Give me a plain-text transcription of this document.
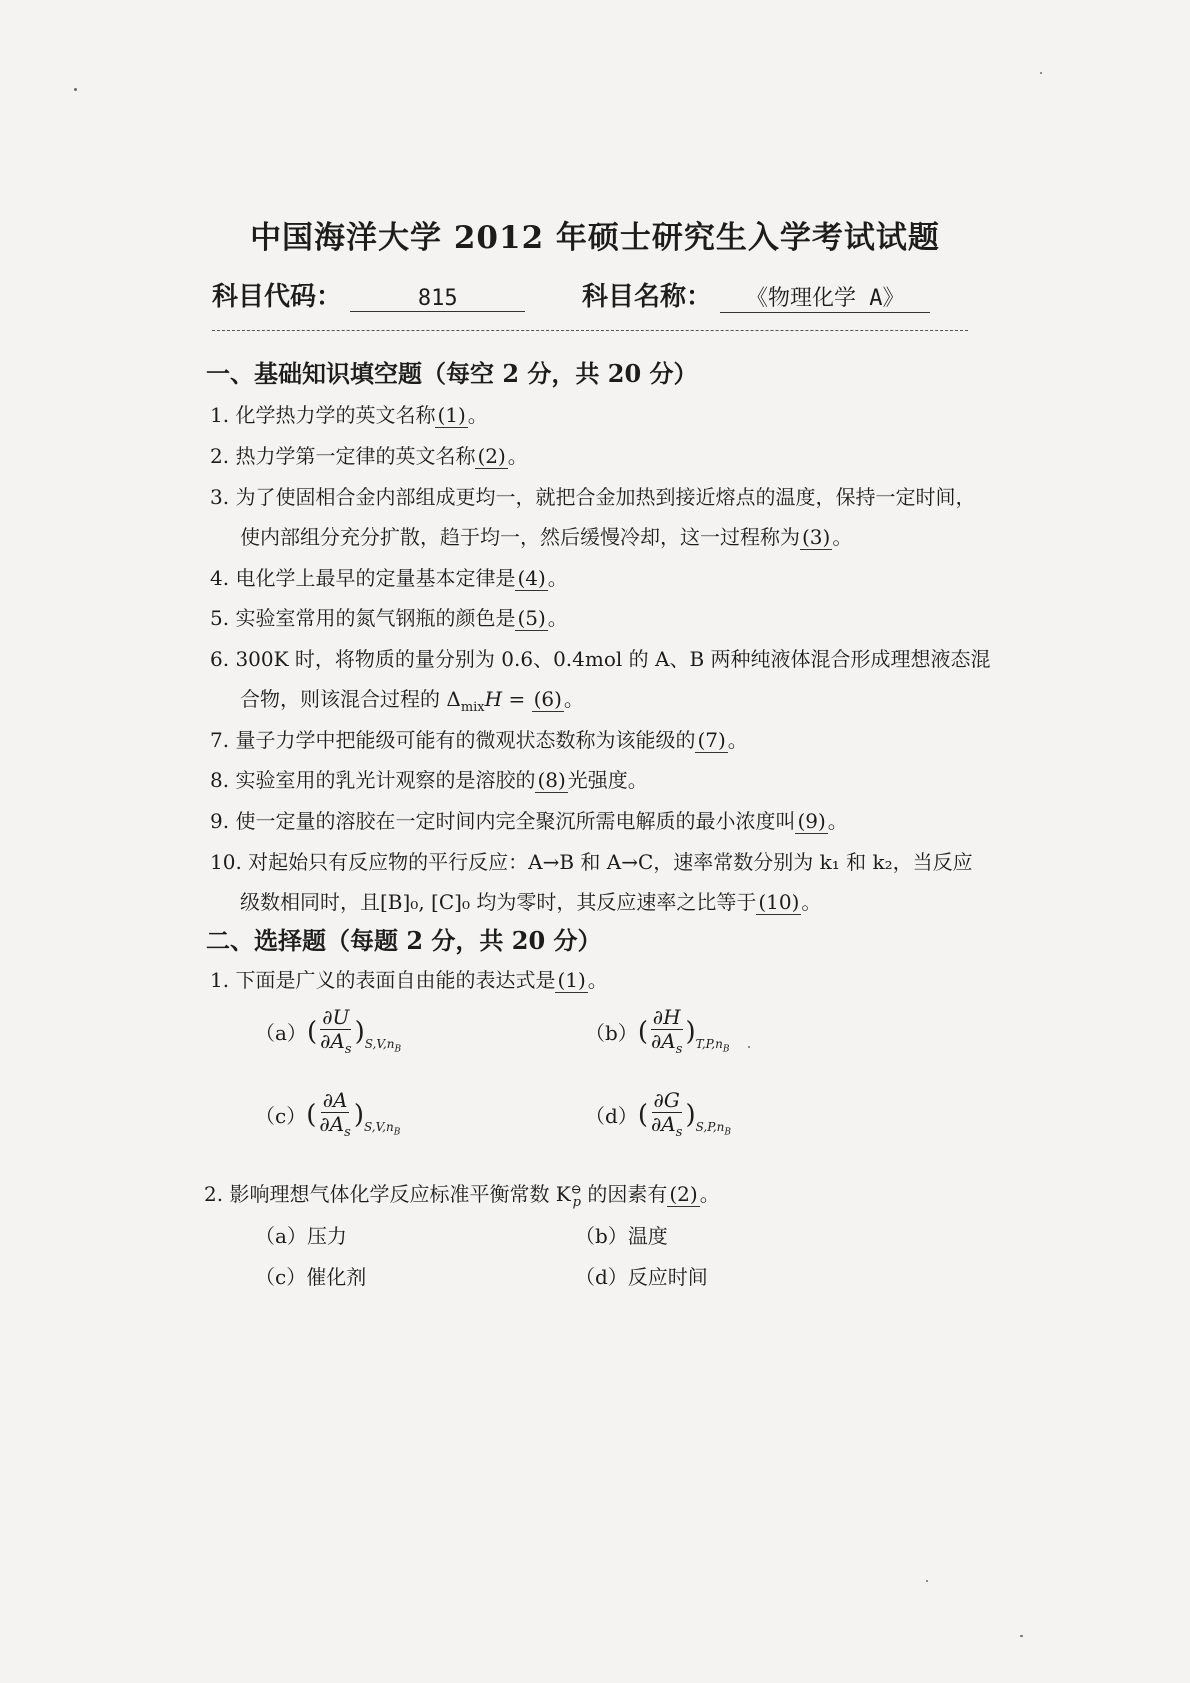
中国海洋大学 2012 年硕士研究生入学考试试题
科目代码：	815	科目名称： 《物理化学 A》
一、基础知识填空题（每空 2 分，共 20 分）
1. 化学热力学的英文名称 (1) 。
2. 热力学第一定律的英文名称 (2) 。
3. 为了使固相合金内部组成更均一，就把合金加热到接近熔点的温度，保持一定时间，
使内部组分充分扩散，趋于均一，然后缓慢冷却，这一过程称为 (3) 。
4. 电化学上最早的定量基本定律是 (4) 。
5. 实验室常用的氮气钢瓶的颜色是 (5) 。
6. 300K 时，将物质的量分别为 0.6、0.4mol 的 A、B 两种纯液体混合形成理想液态混
合物，则该混合过程的 $\Delta_{mix}H = (6)$ 。
7. 量子力学中把能级可能有的微观状态数称为该能级的 (7) 。
8. 实验室用的乳光计观察的是溶胶的 (8) 光强度。
9. 使一定量的溶胶在一定时间内完全聚沉所需电解质的最小浓度叫 (9) 。
10. 对起始只有反应物的平行反应：A→B 和 A→C，速率常数分别为 k₁ 和 k₂，当反应
级数相同时，且[B]₀, [C]₀ 均为零时，其反应速率之比等于 (10) 。
二、选择题（每题 2 分，共 20 分）
1. 下面是广义的表面自由能的表达式是 (1) 。
（a） ( $\frac{\partial U}{\partial A_s}$ ) $S,V,n_B$
（b） ( $\frac{\partial H}{\partial A_s}$ ) $T,P,n_B$
（c） ( $\frac{\partial A}{\partial A_s}$ ) $S,V,n_B$
（d） ( $\frac{\partial G}{\partial A_s}$ ) $S,P,n_B$
2. 影响理想气体化学反应标准平衡常数 $K^⊖_p$ 的因素有 (2) 。
（a）压力	（b）温度
（c）催化剂	（d）反应时间
